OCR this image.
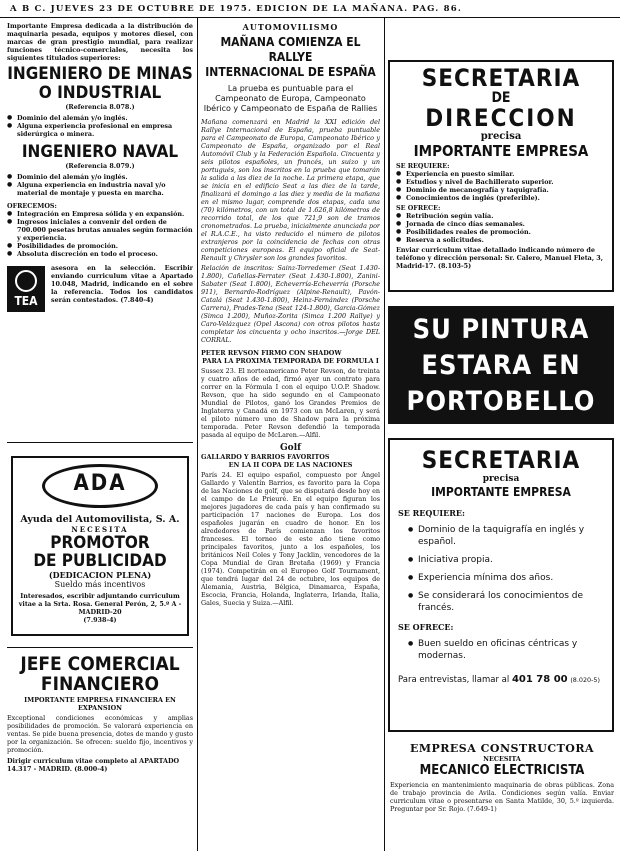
A B C. JUEVES 23 DE OCTUBRE DE 1975. EDICION DE LA MAÑANA. PAG. 86.
Importante Empresa dedicada a la distribución de maquinaria pesada, equipos y motores diesel, con marcas de gran prestigio mundial, para realizar funciones técnico-comerciales, necesita los siguientes titulados superiores:
INGENIERO DE MINAS
O INDUSTRIAL
(Referencia 8.078.)
● Dominio del alemán y/o inglés.
● Alguna experiencia profesional en empresa siderúrgica o minera.
INGENIERO NAVAL
(Referencia 8.079.)
● Dominio del alemán y/o inglés.
● Alguna experiencia en industria naval y/o material de montaje y puesta en marcha.
OFRECEMOS:
● Integración en Empresa sólida y en expansión.
● Ingresos iniciales a convenir del orden de 700.000 pesetas brutas anuales según formación y experiencia.
● Posibilidades de promoción.
● Absoluta discreción en todo el proceso.
TEA
asesora en la selección. Escribir enviando curriculum vitae a Apartado 10.048, Madrid, indicando en el sobre la referencia. Todos los candidatos serán contestados. (7.840-4)
ADA
Ayuda del Automovilista, S. A.
NECESITA
PROMOTOR
DE PUBLICIDAD
(DEDICACION PLENA)
Sueldo más incentivos
Interesados, escribir adjuntando curriculum vitae a la Srta. Rosa. General Perón, 2, 5.º A - MADRID-20
(7.938-4)
JEFE COMERCIAL
FINANCIERO
IMPORTANTE EMPRESA FINANCIERA EN EXPANSION
Exceptional condiciones económicas y amplias posibilidades de promoción. Se valorará experiencia en ventas. Se pide buena presencia, dotes de mando y gusto por la organización. Se ofrecen: sueldo fijo, incentivos y promoción.
Dirigir curriculum vitae completo al APARTADO 14.317 - MADRID. (8.000-4)
AUTOMOVILISMO
MAÑANA COMIENZA EL RALLYE
INTERNACIONAL DE ESPAÑA
La prueba es puntuable para el Campeonato de Europa, Campeonato Ibérico y Campeonato de España de Rallies
Mañana comenzará en Madrid la XXI edición del Rallye Internacional de España, prueba puntuable para el Campeonato de Europa, Campeonato Ibérico y Campeonato de España, organizado por el Real Automóvil Club y la Federación Española. Cincuenta y seis pilotos españoles, un francés, un suizo y un portugués, son los inscritos en la prueba que tomarán la salida a las diez de la noche. La primera etapa, que se inicia en el edificio Seat a las diez de la tarde, finalizará el domingo a las diez y media de la mañana en el mismo lugar, comprende dos etapas, cada una (70) kilómetros, con un total de 1.626,8 kilómetros de recorrido total, de los que 721,9 son de tramos cronometrados. La prueba, inicialmente anunciada por el R.A.C.E., ha visto reducido el número de pilotos extranjeros por la coincidencia de fechas con otras competiciones europeas. El equipo oficial de Seat-Renault y Chrysler son los grandes favoritos.
Relación de inscritos: Sainz-Torredemer (Seat 1.430-1.800), Cañellas-Ferrater (Seat 1.430-1.800), Zanini-Sabater (Seat 1.800), Echeverría-Echeverría (Porsche 911), Bernardo-Rodríguez (Alpine-Renault), Pavón-Catalá (Seat 1.430-1.800), Heinz-Fernández (Porsche Carrera), Prades-Tena (Seat 124-1.800), Garcia-Gómez (Simca 1.200), Muñoz-Zorita (Simca 1.200 Rallye) y Caro-Velázquez (Opel Ascona) con otros pilotos hasta completar los cincuenta y ocho inscritos.—Jorge DEL CORRAL.
PETER REVSON FIRMO CON SHADOW
PARA LA PROXIMA TEMPORADA DE FORMULA I
Sussex 23. El norteamericano Peter Revson, de treinta y cuatro años de edad, firmó ayer un contrato para correr en la Fórmula I con el equipo U.O.P. Shadow. Revson, que ha sido segundo en el Campeonato Mundial de Pilotos, ganó los Grandes Premios de Inglaterra y Canadá en 1973 con un McLaren, y será el piloto número uno de Shadow para la próxima temporada. Peter Revson defendió la temporada pasada al equipo de McLaren.—Alfil.
Golf
GALLARDO Y BARRIOS FAVORITOS
EN LA II COPA DE LAS NACIONES
París 24. El equipo español, compuesto por Ángel Gallardo y Valentín Barrios, es favorito para la Copa de las Naciones de golf, que se disputará desde hoy en el campo de Le Prieuré. En el equipo figuran los mejores jugadores de cada país y han confirmado su participación 17 naciones de Europa. Los dos españoles jugarán en cuadro de honor. En los alrededores de París comienzan los favoritos franceses. El torneo de este año tiene como principales favoritos, junto a los españoles, los británicos Neil Coles y Tony Jacklin, vencedores de la Copa Mundial de Gran Bretaña (1969) y Francia (1974). Competirán en el Europeo Golf Tournament, que tendrá lugar del 24 de octubre, los equipos de Alemania, Austria, Bélgica, Dinamarca, España, Escocia, Francia, Holanda, Inglaterra, Irlanda, Italia, Gales, Suecia y Suiza.—Alfil.
SECRETARIA
DE
DIRECCION
precisa
IMPORTANTE EMPRESA
SE REQUIERE:
● Experiencia en puesto similar.
● Estudios y nivel de Bachillerato superior.
● Dominio de mecanografía y taquigrafía.
● Conocimientos de inglés (preferible).
SE OFRECE:
● Retribución según valía.
● Jornada de cinco días semanales.
● Posibilidades reales de promoción.
● Reserva a solicitudes.
Enviar curriculum vitae detallado indicando número de teléfono y dirección personal: Sr. Calero, Manuel Fleta, 3, Madrid-17. (8.103-5)
SU PINTURA
ESTARA EN
PORTOBELLO
SECRETARIA
precisa
IMPORTANTE EMPRESA
SE REQUIERE:
● Dominio de la taquigrafía en inglés y español.
● Iniciativa propia.
● Experiencia mínima dos años.
● Se considerará los conocimientos de francés.
SE OFRECE:
● Buen sueldo en oficinas céntricas y modernas.
Para entrevistas, llamar al 401 78 00 (8.020-5)
EMPRESA CONSTRUCTORA
NECESITA
MECANICO ELECTRICISTA
Experiencia en mantenimiento maquinaria de obras públicas. Zona de trabajo provincia de Avila. Condiciones según valía. Enviar curriculum vitae o presentarse en Santa Matilde, 30, 5.º izquierda. Preguntar por Sr. Rojo. (7.649-1)
